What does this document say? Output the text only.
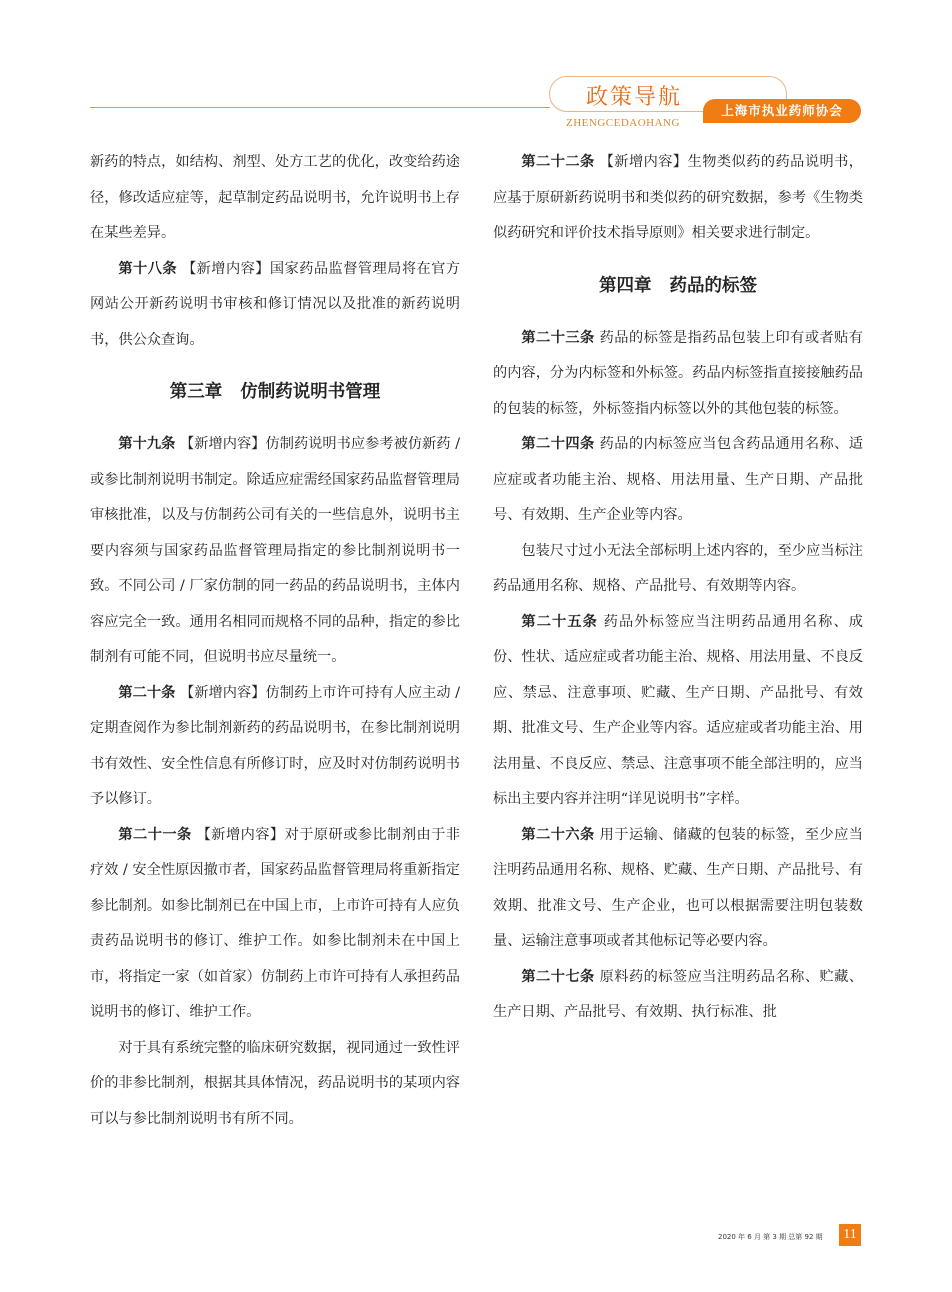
政策导航
ZHENGCEDAOHANG
上海市执业药师协会

新药的特点，如结构、剂型、处方工艺的优化，改变给药途径，修改适应症等，起草制定药品说明书，允许说明书上存在某些差异。

第十八条 【新增内容】国家药品监督管理局将在官方网站公开新药说明书审核和修订情况以及批准的新药说明书，供公众查询。

第三章 仿制药说明书管理

第十九条 【新增内容】仿制药说明书应参考被仿新药 / 或参比制剂说明书制定。除适应症需经国家药品监督管理局审核批准，以及与仿制药公司有关的一些信息外，说明书主要内容须与国家药品监督管理局指定的参比制剂说明书一致。不同公司 / 厂家仿制的同一药品的药品说明书，主体内容应完全一致。通用名相同而规格不同的品种，指定的参比制剂有可能不同，但说明书应尽量统一。

第二十条 【新增内容】仿制药上市许可持有人应主动 / 定期查阅作为参比制剂新药的药品说明书，在参比制剂说明书有效性、安全性信息有所修订时，应及时对仿制药说明书予以修订。

第二十一条 【新增内容】对于原研或参比制剂由于非疗效 / 安全性原因撤市者，国家药品监督管理局将重新指定参比制剂。如参比制剂已在中国上市，上市许可持有人应负责药品说明书的修订、维护工作。如参比制剂未在中国上市，将指定一家（如首家）仿制药上市许可持有人承担药品说明书的修订、维护工作。

对于具有系统完整的临床研究数据，视同通过一致性评价的非参比制剂，根据其具体情况，药品说明书的某项内容可以与参比制剂说明书有所不同。

第二十二条 【新增内容】生物类似药的药品说明书，应基于原研新药说明书和类似药的研究数据，参考《生物类似药研究和评价技术指导原则》相关要求进行制定。

第四章 药品的标签

第二十三条 药品的标签是指药品包装上印有或者贴有的内容，分为内标签和外标签。药品内标签指直接接触药品的包装的标签，外标签指内标签以外的其他包装的标签。

第二十四条 药品的内标签应当包含药品通用名称、适应症或者功能主治、规格、用法用量、生产日期、产品批号、有效期、生产企业等内容。

包装尺寸过小无法全部标明上述内容的，至少应当标注药品通用名称、规格、产品批号、有效期等内容。

第二十五条 药品外标签应当注明药品通用名称、成份、性状、适应症或者功能主治、规格、用法用量、不良反应、禁忌、注意事项、贮藏、生产日期、产品批号、有效期、批准文号、生产企业等内容。适应症或者功能主治、用法用量、不良反应、禁忌、注意事项不能全部注明的，应当标出主要内容并注明“详见说明书”字样。

第二十六条 用于运输、储藏的包装的标签，至少应当注明药品通用名称、规格、贮藏、生产日期、产品批号、有效期、批准文号、生产企业，也可以根据需要注明包装数量、运输注意事项或者其他标记等必要内容。

第二十七条 原料药的标签应当注明药品名称、贮藏、生产日期、产品批号、有效期、执行标准、批

2020 年 6 月 第 3 期 总第 92 期	11
